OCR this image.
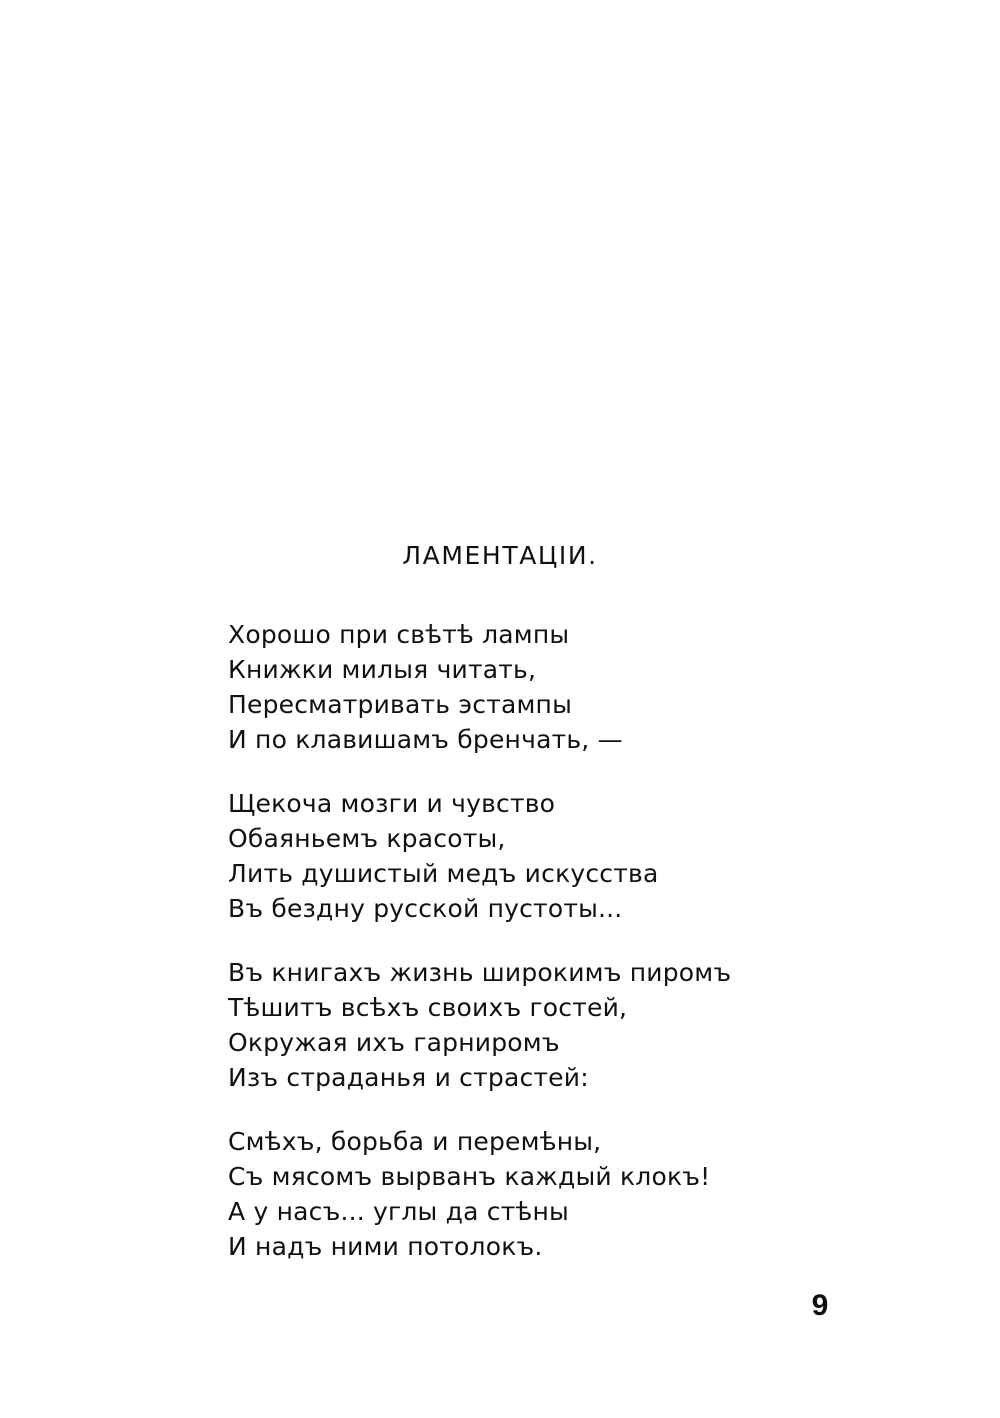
ЛАМЕНТАЦІИ.
Хорошо при свѣтѣ лампы
Книжки милыя читать,
Пересматривать эстампы
И по клавишамъ бренчать, —
Щекоча мозги и чувство
Обаяньемъ красоты,
Лить душистый медъ искусства
Въ бездну русской пустоты...
Въ книгахъ жизнь широкимъ пиромъ
Тѣшитъ всѣхъ своихъ гостей,
Окружая ихъ гарниромъ
Изъ страданья и страстей:
Смѣхъ, борьба и перемѣны,
Съ мясомъ вырванъ каждый клокъ!
А у насъ... углы да стѣны
И надъ ними потолокъ.
9
